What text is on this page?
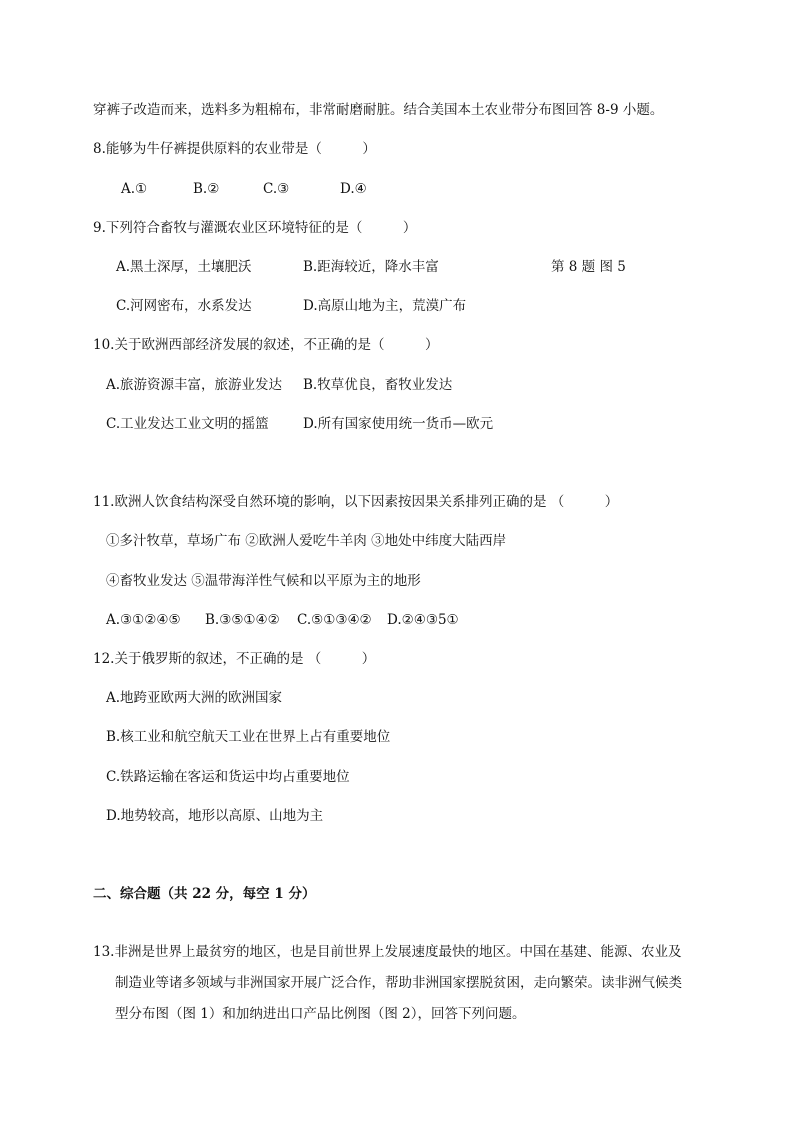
穿裤子改造而来，选料多为粗棉布，非常耐磨耐脏。结合美国本土农业带分布图回答 8-9 小题。
8.能够为牛仔裤提供原料的农业带是（　　　）
A.①	B.②	C.③	D.④
9.下列符合畜牧与灌溉农业区环境特征的是（　　　）
A.黑土深厚，土壤肥沃	B.距海较近，降水丰富	第 8 题 图 5
C.河网密布，水系发达	D.高原山地为主，荒漠广布
10.关于欧洲西部经济发展的叙述，不正确的是（　　　）
A.旅游资源丰富，旅游业发达 B.牧草优良，畜牧业发达
C.工业发达工业文明的摇篮	D.所有国家使用统一货币—欧元
11.欧洲人饮食结构深受自然环境的影响，以下因素按因果关系排列正确的是 （　　　）
①多汁牧草，草场广布 ②欧洲人爱吃牛羊肉 ③地处中纬度大陆西岸
④畜牧业发达 ⑤温带海洋性气候和以平原为主的地形
A.③①②④⑤ B.③⑤①④② C.⑤①③④② D.②④③5①
12.关于俄罗斯的叙述，不正确的是 （　　　）
A.地跨亚欧两大洲的欧洲国家
B.核工业和航空航天工业在世界上占有重要地位
C.铁路运输在客运和货运中均占重要地位
D.地势较高，地形以高原、山地为主
二、综合题（共 22 分，每空 1 分）
13.非洲是世界上最贫穷的地区，也是目前世界上发展速度最快的地区。中国在基建、能源、农业及
制造业等诸多领域与非洲国家开展广泛合作，帮助非洲国家摆脱贫困，走向繁荣。读非洲气候类
型分布图（图 1）和加纳进出口产品比例图（图 2），回答下列问题。
